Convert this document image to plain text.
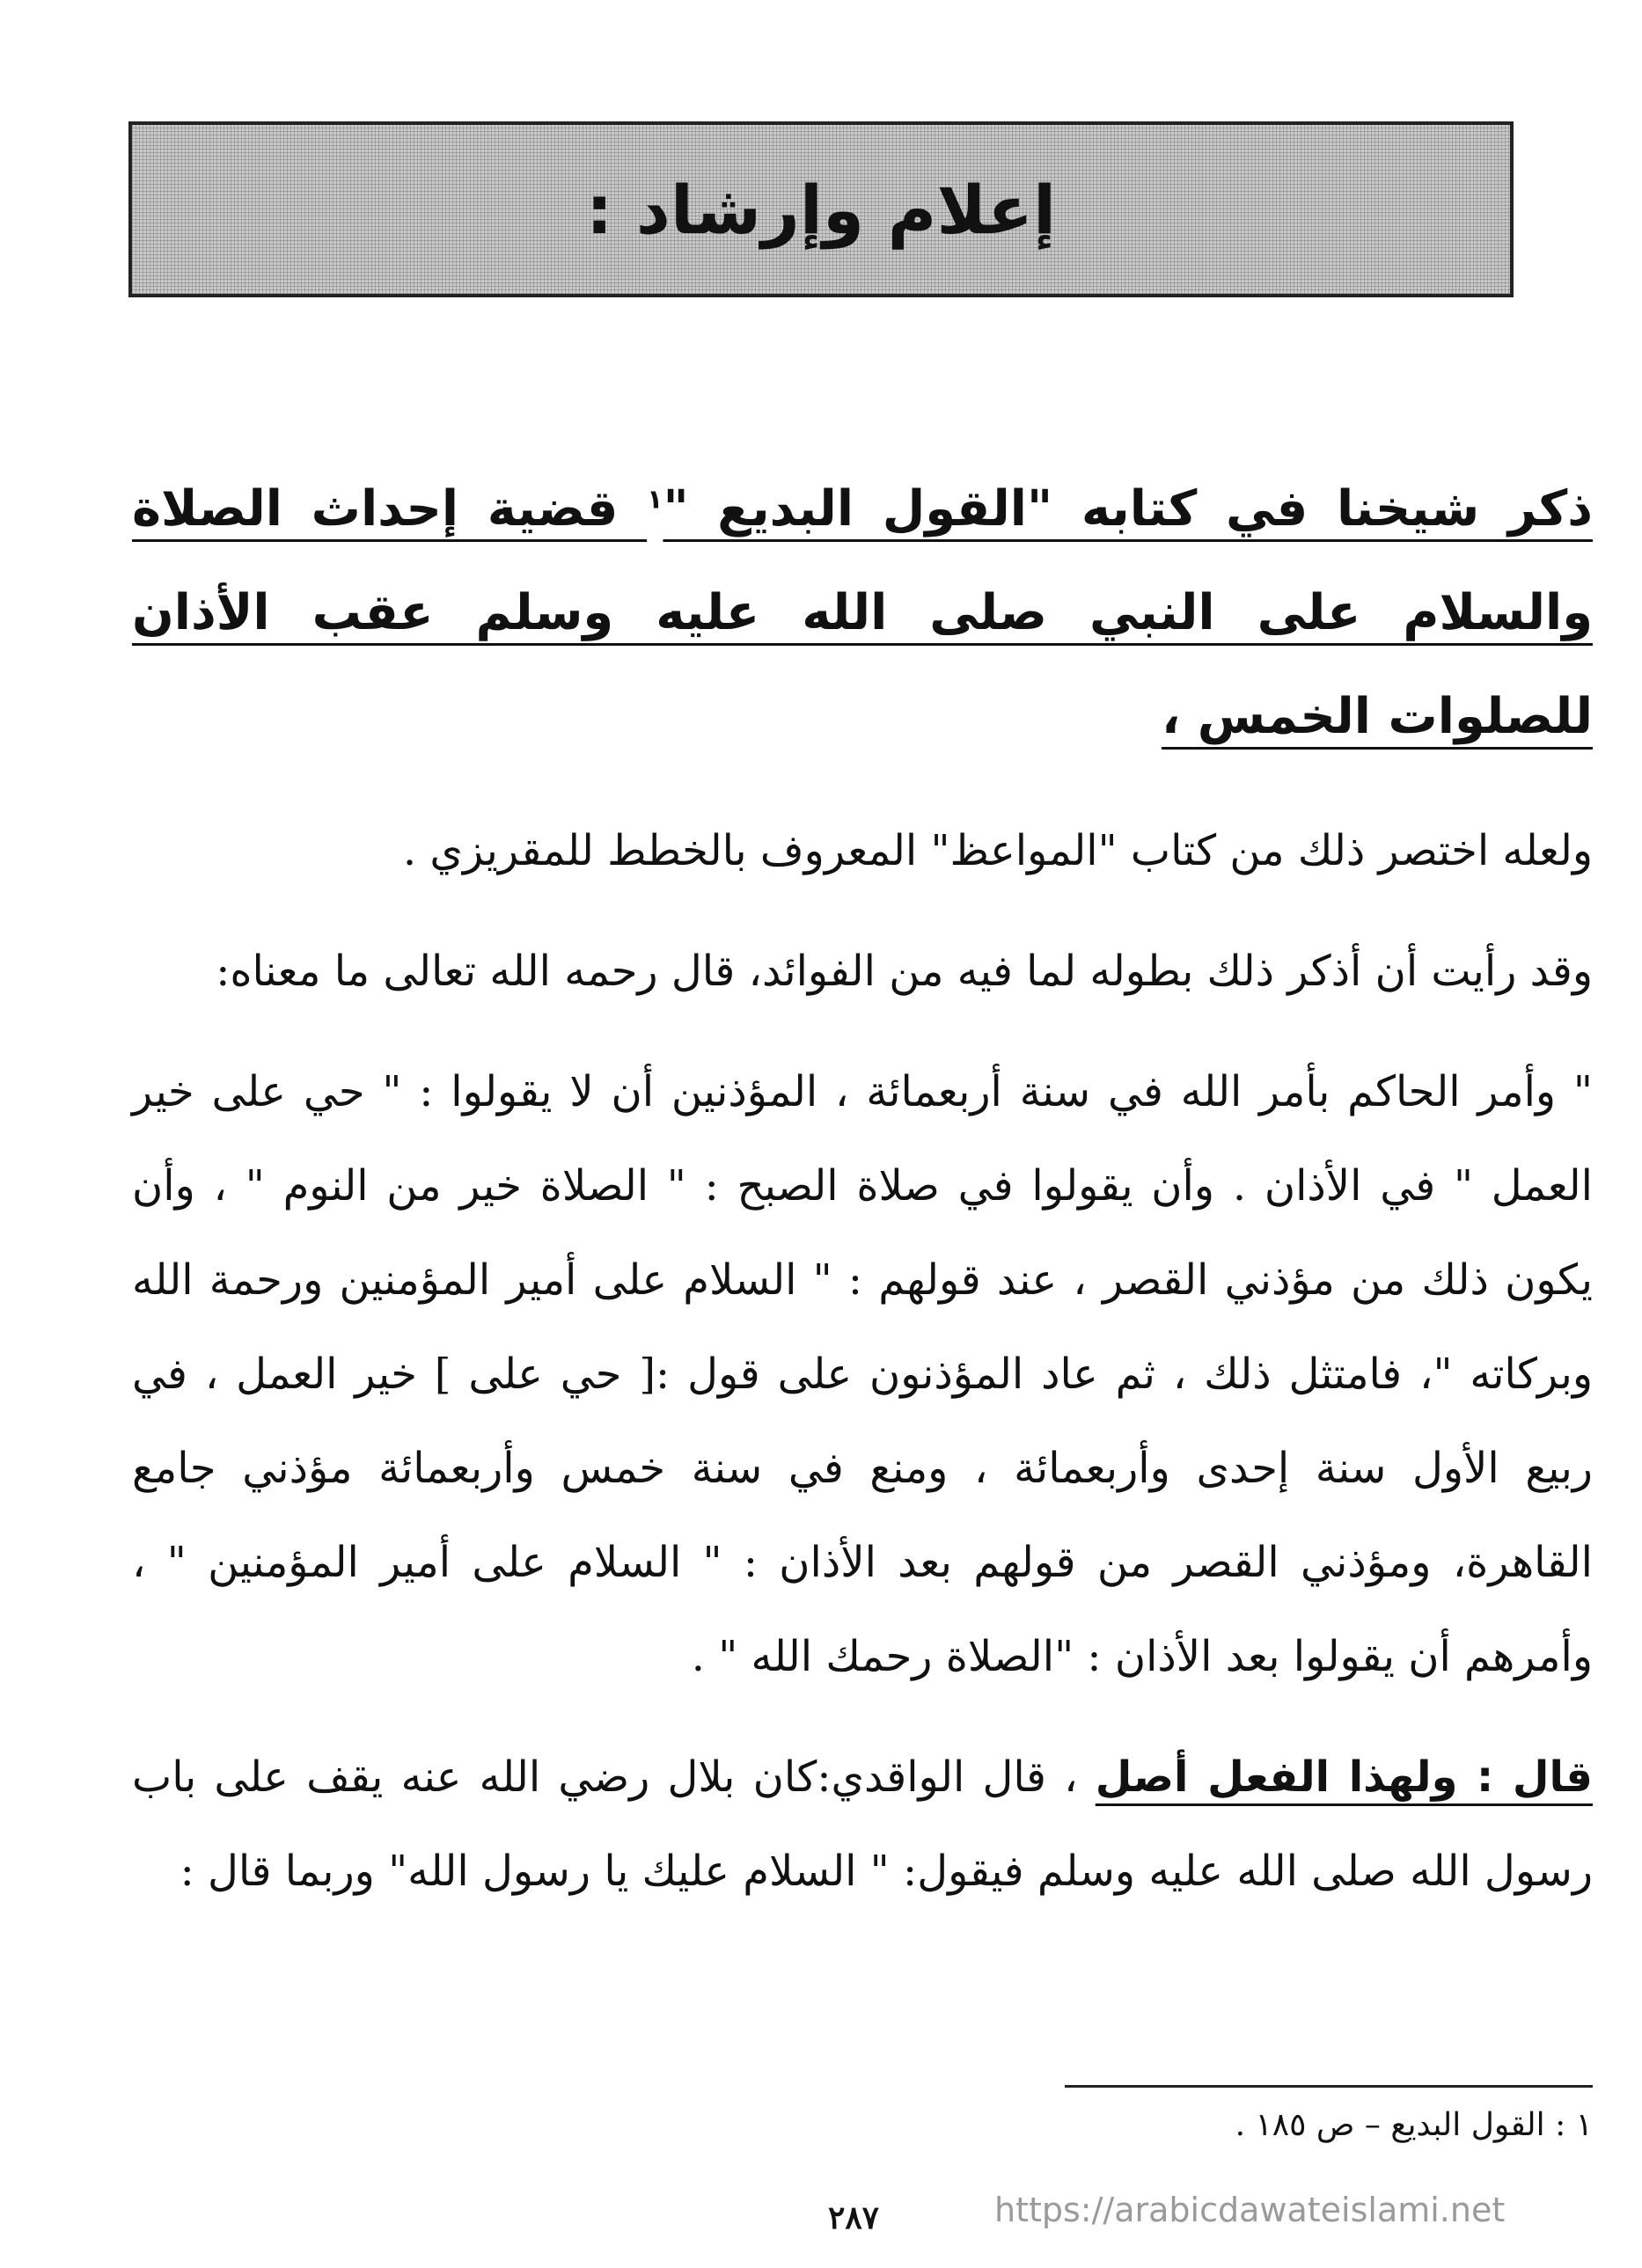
إعلام وإرشاد :

ذكر شيخنا في كتابه "القول البديع "$^١$ قضية إحداث الصلاة والسلام على النبي صلى الله عليه وسلم عقب الأذان للصلوات الخمس ،

ولعله اختصر ذلك من كتاب "المواعظ" المعروف بالخطط للمقريزي .

وقد رأيت أن أذكر ذلك بطوله لما فيه من الفوائد، قال رحمه الله تعالى ما معناه:

" وأمر الحاكم بأمر الله في سنة أربعمائة ، المؤذنين أن لا يقولوا : " حي على خير العمل " في الأذان . وأن يقولوا في صلاة الصبح : " الصلاة خير من النوم " ، وأن يكون ذلك من مؤذني القصر ، عند قولهم : " السلام على أمير المؤمنين ورحمة الله وبركاته "، فامتثل ذلك ، ثم عاد المؤذنون على قول :[ حي على ] خير العمل ، في ربيع الأول سنة إحدى وأربعمائة ، ومنع في سنة خمس وأربعمائة مؤذني جامع القاهرة، ومؤذني القصر من قولهم بعد الأذان : " السلام على أمير المؤمنين " ، وأمرهم أن يقولوا بعد الأذان : "الصلاة رحمك الله " .

قال : ولهذا الفعل أصل ، قال الواقدي:كان بلال رضي الله عنه يقف على باب رسول الله صلى الله عليه وسلم فيقول: " السلام عليك يا رسول الله" وربما قال :

١ : القول البديع – ص ١٨٥ .
٢٨٧	https://arabicdawateislami.net
